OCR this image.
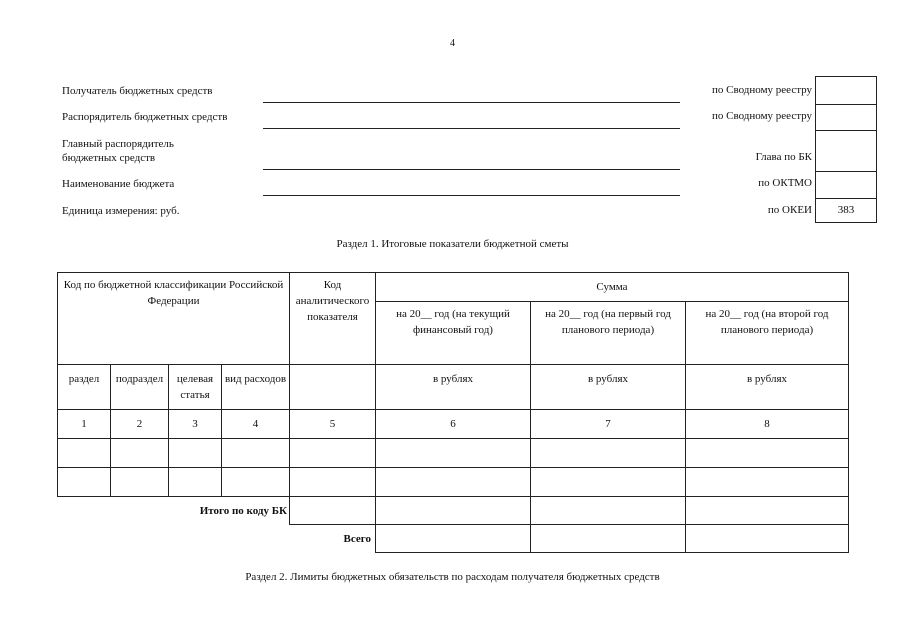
4
Получатель бюджетных средств	по Сводному реестру
Распорядитель бюджетных средств	по Сводному реестру
Главный распорядитель
бюджетных средств	Глава по БК
Наименование бюджета	по ОКТМО
Единица измерения: руб.	по ОКЕИ	383
Раздел 1. Итоговые показатели бюджетной сметы
Код по бюджетной классификации Российской Федерации				Код аналитического показателя	Сумма		
					на 20__ год (на текущий финансовый год)	на 20__ год (на первый год планового периода)	на 20__ год (на второй год планового периода)
раздел	подраздел	целевая статья	вид расходов		в рублях	в рублях	в рублях
1	2	3	4	5	6	7	8

Итого по коду БК							
Всего							
Раздел 2. Лимиты бюджетных обязательств по расходам получателя бюджетных средств
